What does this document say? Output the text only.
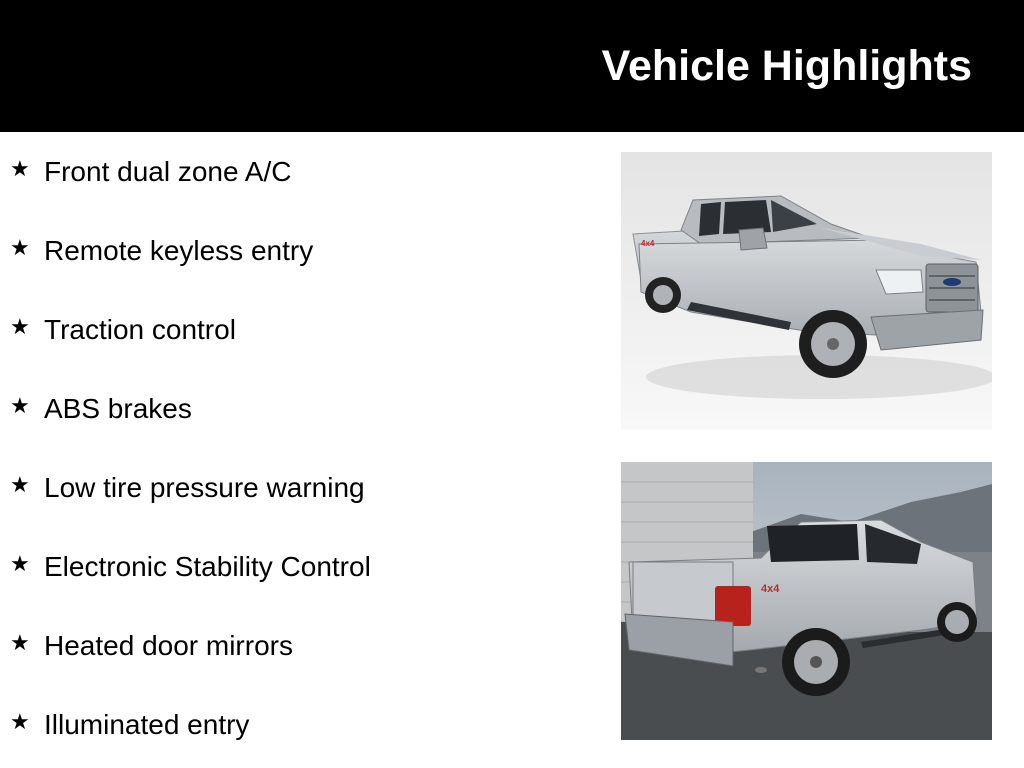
Vehicle Highlights
★ Front dual zone A/C
★ Remote keyless entry
★ Traction control
★ ABS brakes
★ Low tire pressure warning
★ Electronic Stability Control
★ Heated door mirrors
★ Illuminated entry
4x4
4x4
